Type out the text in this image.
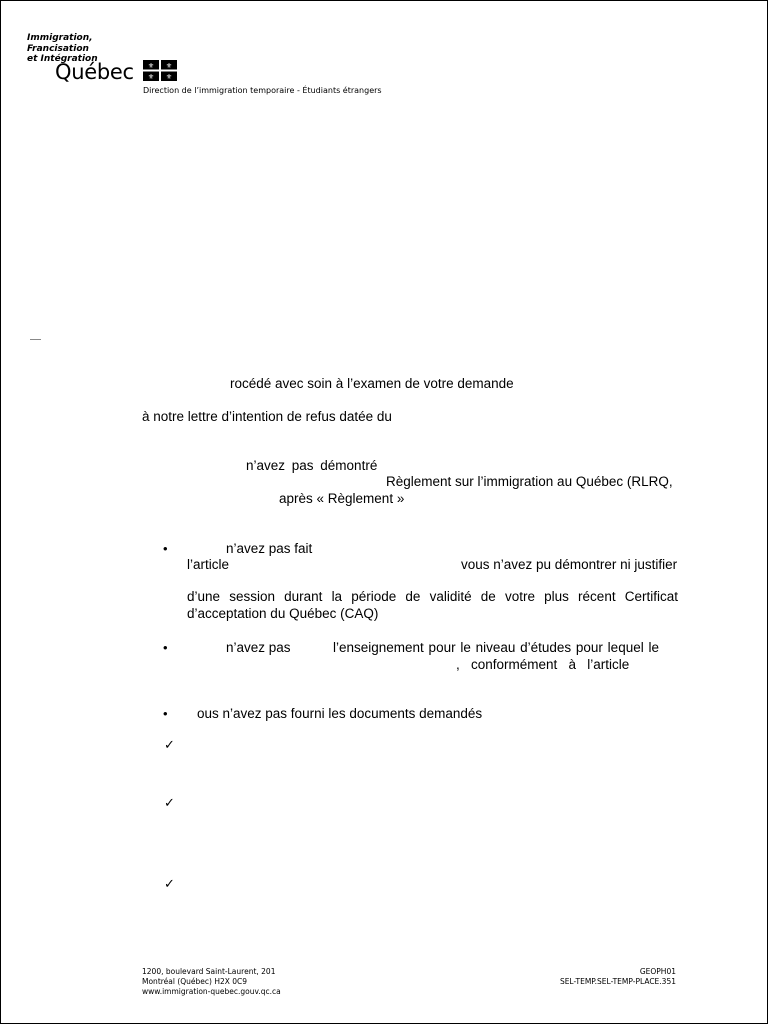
Immigration,
Francisation
et Intégration
Québec ⚜ ⚜
⚜ ⚜
Direction de l’immigration temporaire - Étudiants étrangers
rocédé avec soin à l’examen de votre demande
à notre lettre d’intention de refus datée du
n’avez pas démontré
Règlement sur l’immigration au Québec (RLRQ,
après « Règlement »
•	n’avez pas fait
l’article	vous n’avez pu démontrer ni justifier
d’une session durant la période de validité de votre plus récent Certificat
d’acceptation du Québec (CAQ)
•	n’avez pas	l’enseignement pour le niveau d’études pour lequel le
,   conformément   à   l’article
• ous n’avez pas fourni les documents demandés
✓
✓
✓
1200, boulevard Saint-Laurent, 201
Montréal (Québec) H2X 0C9
www.immigration-quebec.gouv.qc.ca
GEOPH01
SEL-TEMP.SEL-TEMP-PLACE.351
